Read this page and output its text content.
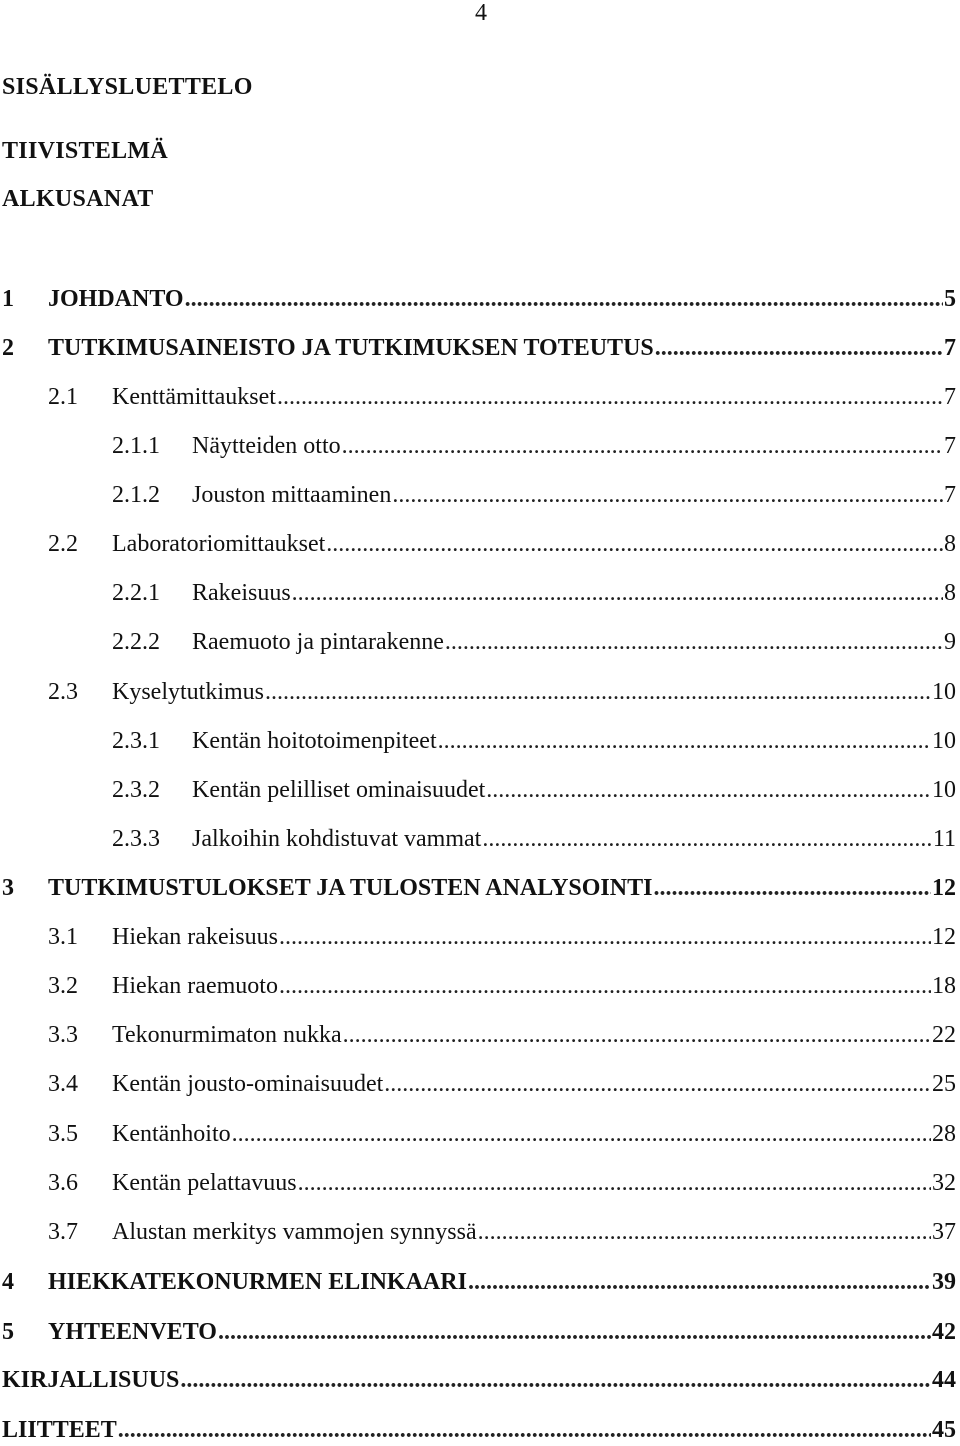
4
SISÄLLYSLUETTELO
TIIVISTELMÄ
ALKUSANAT
1 JOHDANTO .....	5
2 TUTKIMUSAINEISTO JA TUTKIMUKSEN TOTEUTUS .....	7
2.1 Kenttämittaukset .....	7
2.1.1 Näytteiden otto .....	7
2.1.2 Jouston mittaaminen .....	7
2.2 Laboratoriomittaukset .....	8
2.2.1 Rakeisuus .....	8
2.2.2 Raemuoto ja pintarakenne .....	9
2.3 Kyselytutkimus .....	10
2.3.1 Kentän hoitotoimenpiteet .....	10
2.3.2 Kentän pelilliset ominaisuudet .....	10
2.3.3 Jalkoihin kohdistuvat vammat .....	11
3 TUTKIMUSTULOKSET JA TULOSTEN ANALYSOINTI .....	12
3.1 Hiekan rakeisuus .....	12
3.2 Hiekan raemuoto .....	18
3.3 Tekonurmimaton nukka .....	22
3.4 Kentän jousto-ominaisuudet .....	25
3.5 Kentänhoito .....	28
3.6 Kentän pelattavuus .....	32
3.7 Alustan merkitys vammojen synnyssä .....	37
4 HIEKKATEKONURMEN ELINKAARI .....	39
5 YHTEENVETO .....	42
KIRJALLISUUS .....	44
LIITTEET .....	45
